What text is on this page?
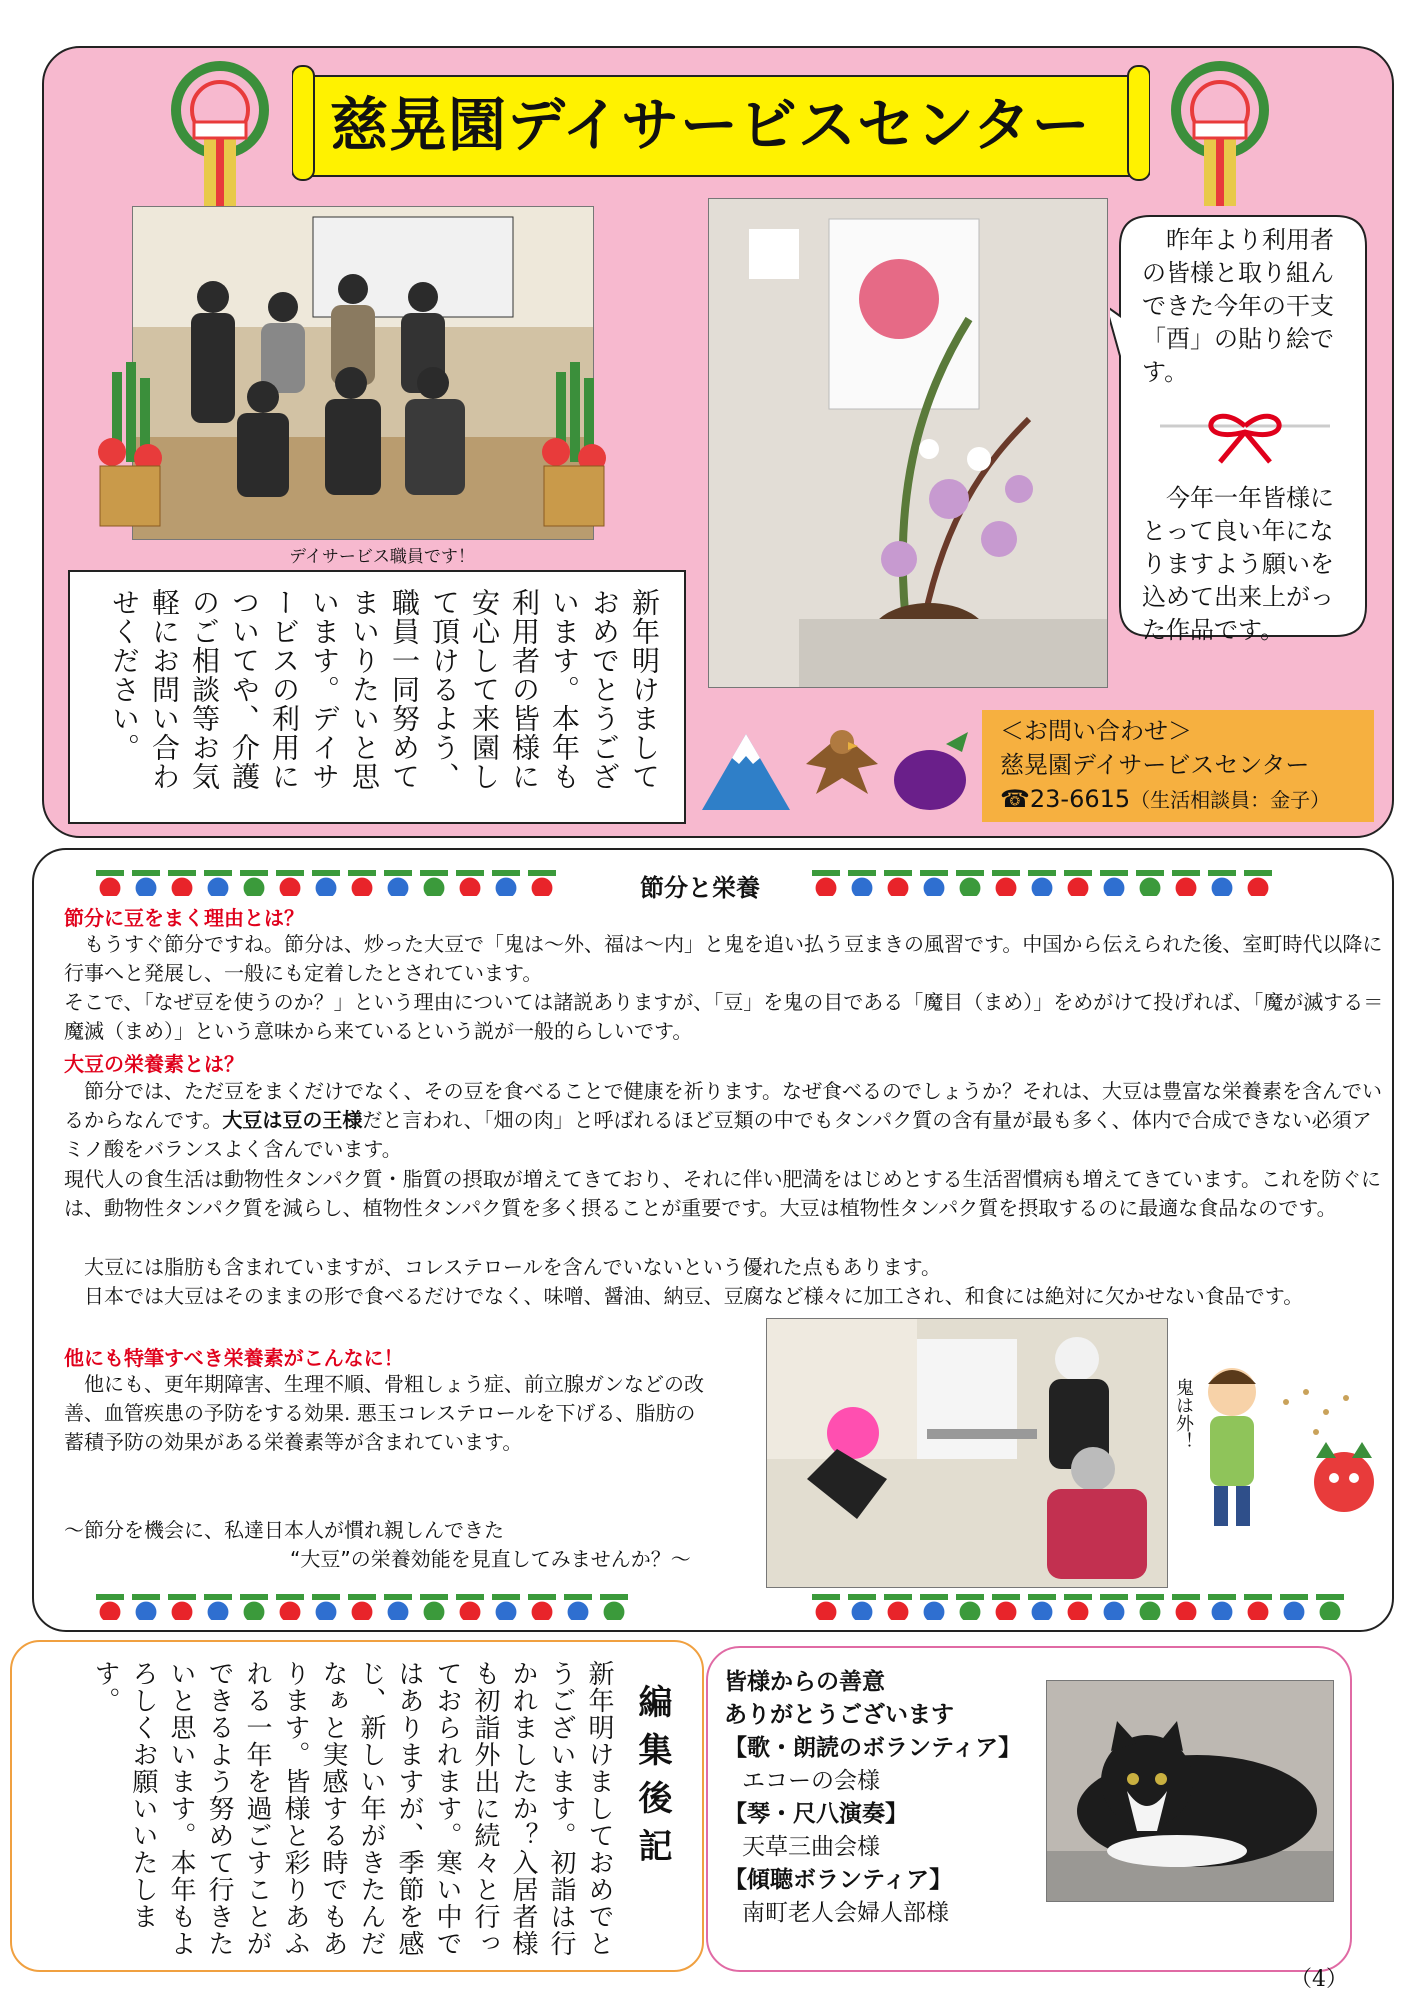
慈晃園デイサービスセンター
デイサービス職員です！
新年明けましておめでとうございます。本年も利用者の皆様に安心して来園して頂けるよう、職員一同努めてまいりたいと思います。デイサービスの利用についてや、介護のご相談等お気軽にお問い合わせください。
　昨年より利用者の皆様と取り組んできた今年の干支「酉」の貼り絵です。
　今年一年皆様にとって良い年になりますよう願いを込めて出来上がった作品です。
＜お問い合わせ＞
慈晃園デイサービスセンター
☎23-6615（生活相談員：金子）
節分と栄養
節分に豆をまく理由とは？
　もうすぐ節分ですね。節分は、炒った大豆で「鬼は～外、福は～内」と鬼を追い払う豆まきの風習です。中国から伝えられた後、室町時代以降に行事へと発展し、一般にも定着したとされています。
そこで、「なぜ豆を使うのか？」という理由については諸説ありますが、「豆」を鬼の目である「魔目（まめ）」をめがけて投げれば、「魔が滅する＝魔滅（まめ）」という意味から来ているという説が一般的らしいです。
大豆の栄養素とは？
　節分では、ただ豆をまくだけでなく、その豆を食べることで健康を祈ります。なぜ食べるのでしょうか？それは、大豆は豊富な栄養素を含んでいるからなんです。大豆は豆の王様だと言われ、「畑の肉」と呼ばれるほど豆類の中でもタンパク質の含有量が最も多く、体内で合成できない必須アミノ酸をバランスよく含んでいます。
現代人の食生活は動物性タンパク質・脂質の摂取が増えてきており、それに伴い肥満をはじめとする生活習慣病も増えてきています。これを防ぐには、動物性タンパク質を減らし、植物性タンパク質を多く摂ることが重要です。大豆は植物性タンパク質を摂取するのに最適な食品なのです。
　大豆には脂肪も含まれていますが、コレステロールを含んでいないという優れた点もあります。
　日本では大豆はそのままの形で食べるだけでなく、味噌、醤油、納豆、豆腐など様々に加工され、和食には絶対に欠かせない食品です。
他にも特筆すべき栄養素がこんなに！
　他にも、更年期障害、生理不順、骨粗しょう症、前立腺ガンなどの改善、血管疾患の予防をする効果. 悪玉コレステロールを下げる、脂肪の蓄積予防の効果がある栄養素等が含まれています。
～節分を機会に、私達日本人が慣れ親しんできた
“大豆”の栄養効能を見直してみませんか？～
鬼は外！
編集後記
新年明けましておめでとうございます。初詣は行かれましたか？入居者様も初詣外出に続々と行っておられます。寒い中ではありますが、季節を感じ、新しい年がきたんだなぁと実感する時でもあります。皆様と彩りあふれる一年を過ごすことができるよう努めて行きたいと思います。本年もよろしくお願いいたします。	皆様からの善意
ありがとうございます
【歌・朗読のボランティア】
エコーの会様
【琴・尺八演奏】
天草三曲会様
【傾聴ボランティア】
南町老人会婦人部様
（4）
